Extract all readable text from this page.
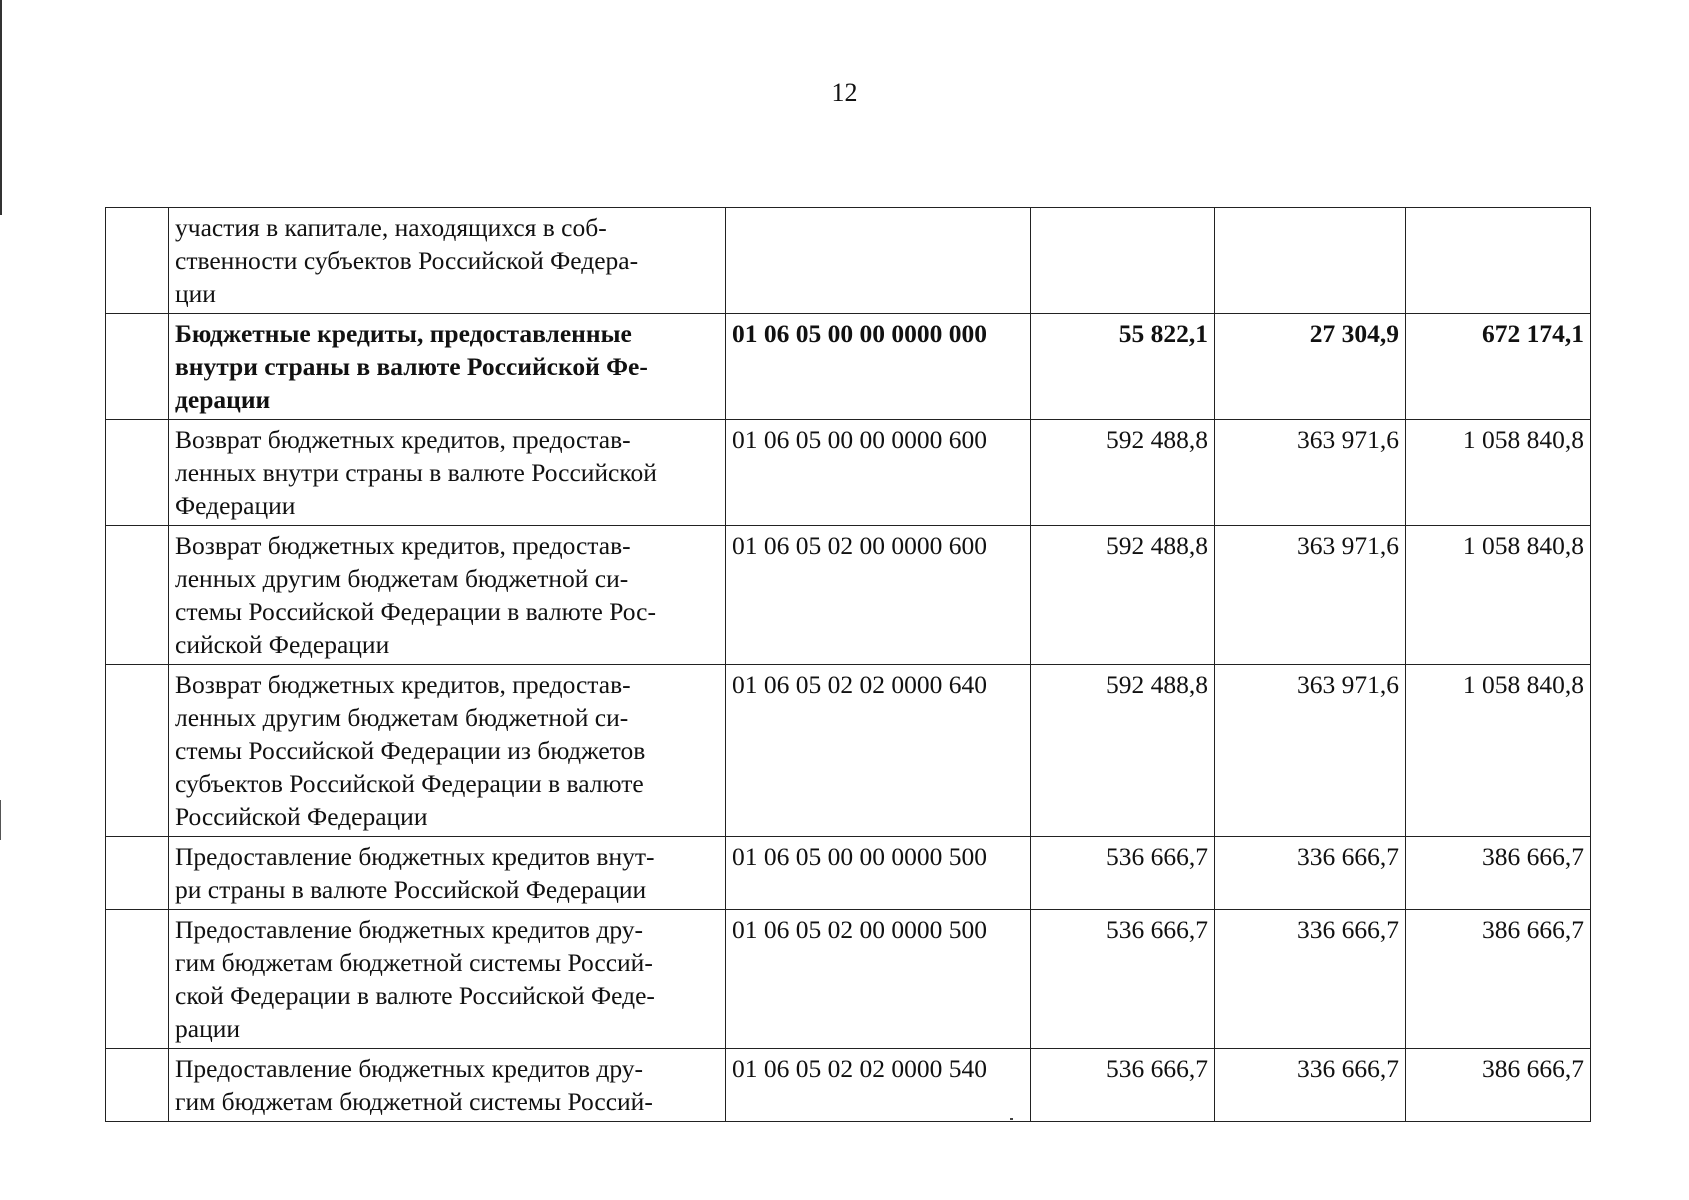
12

	участия в капитале, находящихся в соб-
ственности субъектов Российской Федера-
ции				

	Бюджетные кредиты, предоставленные
внутри страны в валюте Российской Фе-
дерации	01 06 05 00 00 0000 000	55 822,1	27 304,9	672 174,1

	Возврат бюджетных кредитов, предостав-
ленных внутри страны в валюте Российской
Федерации	01 06 05 00 00 0000 600	592 488,8	363 971,6	1 058 840,8

	Возврат бюджетных кредитов, предостав-
ленных другим бюджетам бюджетной си-
стемы Российской Федерации в валюте Рос-
сийской Федерации	01 06 05 02 00 0000 600	592 488,8	363 971,6	1 058 840,8

	Возврат бюджетных кредитов, предостав-
ленных другим бюджетам бюджетной си-
стемы Российской Федерации из бюджетов
субъектов Российской Федерации в валюте
Российской Федерации	01 06 05 02 02 0000 640	592 488,8	363 971,6	1 058 840,8

	Предоставление бюджетных кредитов внут-
ри страны в валюте Российской Федерации	01 06 05 00 00 0000 500	536 666,7	336 666,7	386 666,7

	Предоставление бюджетных кредитов дру-
гим бюджетам бюджетной системы Россий-
ской Федерации в валюте Российской Феде-
рации	01 06 05 02 00 0000 500	536 666,7	336 666,7	386 666,7

	Предоставление бюджетных кредитов дру-
гим бюджетам бюджетной системы Россий-	01 06 05 02 02 0000 540	536 666,7	336 666,7	386 666,7
